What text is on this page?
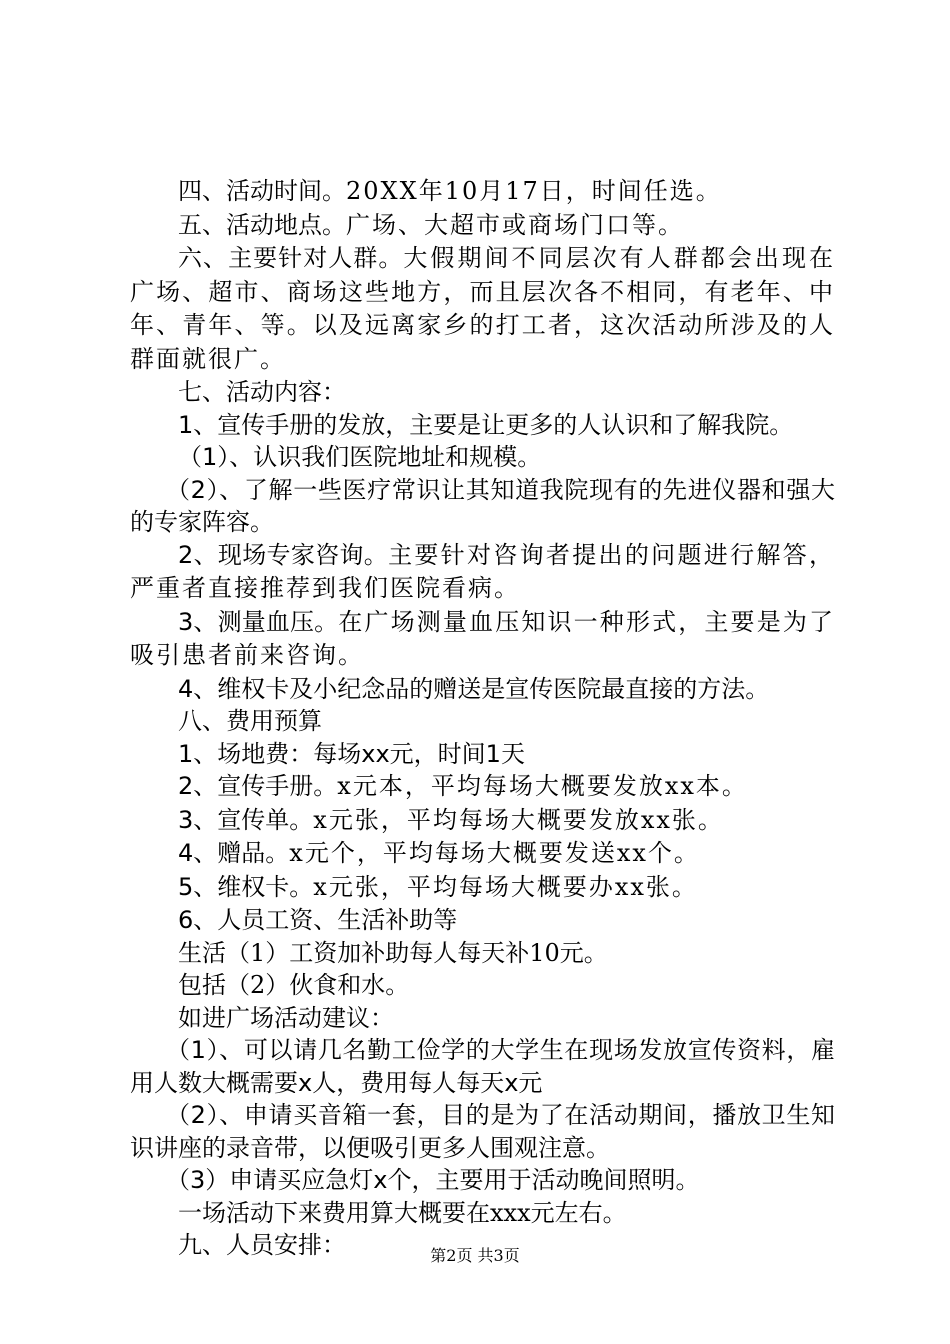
四、活动时间。20XX年10月17日，时间任选。

五、活动地点。广场、大超市或商场门口等。

六、主要针对人群。大假期间不同层次有人群都会出现在广场、超市、商场这些地方，而且层次各不相同，有老年、中年、青年、等。以及远离家乡的打工者，这次活动所涉及的人群面就很广。

七、活动内容：

1、宣传手册的发放，主要是让更多的人认识和了解我院。

（1）、认识我们医院地址和规模。

（2）、了解一些医疗常识让其知道我院现有的先进仪器和强大的专家阵容。

2、现场专家咨询。主要针对咨询者提出的问题进行解答，严重者直接推荐到我们医院看病。

3、测量血压。在广场测量血压知识一种形式，主要是为了吸引患者前来咨询。

4、维权卡及小纪念品的赠送是宣传医院最直接的方法。

八、费用预算

1、场地费：每场xx元，时间1天

2、宣传手册。x元本，平均每场大概要发放xx本。

3、宣传单。x元张，平均每场大概要发放xx张。

4、赠品。x元个，平均每场大概要发送xx个。

5、维权卡。x元张，平均每场大概要办xx张。

6、人员工资、生活补助等

生活（1）工资加补助每人每天补10元。

包括（2）伙食和水。

如进广场活动建议：

（1）、可以请几名勤工俭学的大学生在现场发放宣传资料，雇用人数大概需要x人，费用每人每天x元

（2）、申请买音箱一套，目的是为了在活动期间，播放卫生知识讲座的录音带，以便吸引更多人围观注意。

（3）申请买应急灯x个，主要用于活动晚间照明。

一场活动下来费用算大概要在xxx元左右。

九、人员安排：	第2页 共3页
